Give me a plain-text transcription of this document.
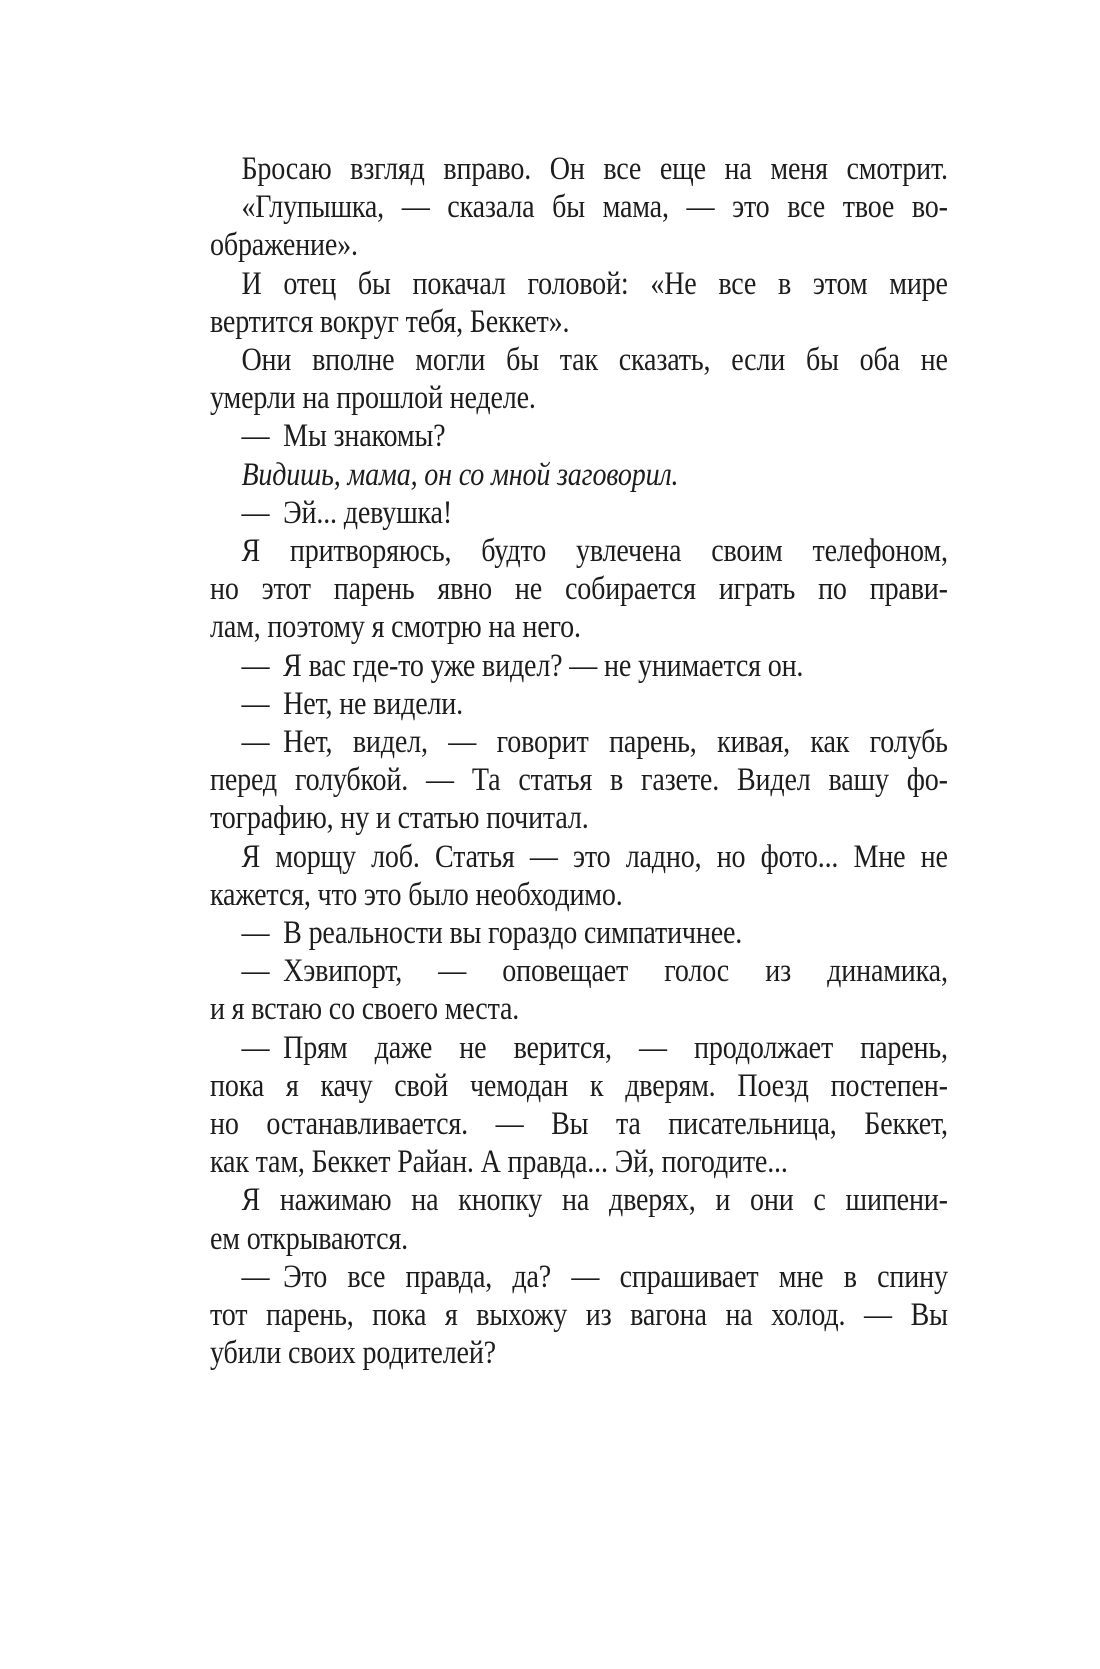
Бросаю взгляд вправо. Он все еще на меня смотрит.
«Глупышка, — сказала бы мама, — это все твое во-
ображение».
И отец бы покачал головой: «Не все в этом мире
вертится вокруг тебя, Беккет».
Они вполне могли бы так сказать, если бы оба не
умерли на прошлой неделе.
— Мы знакомы?
Видишь, мама, он со мной заговорил.
— Эй... девушка!
Я притворяюсь, будто увлечена своим телефоном,
но этот парень явно не собирается играть по прави-
лам, поэтому я смотрю на него.
— Я вас где-то уже видел? — не унимается он.
— Нет, не видели.
— Нет, видел, — говорит парень, кивая, как голубь
перед голубкой. — Та статья в газете. Видел вашу фо-
тографию, ну и статью почитал.
Я морщу лоб. Статья — это ладно, но фото... Мне не
кажется, что это было необходимо.
— В реальности вы гораздо симпатичнее.
— Хэвипорт, — оповещает голос из динамика,
и я встаю со своего места.
— Прям даже не верится, — продолжает парень,
пока я качу свой чемодан к дверям. Поезд постепен-
но останавливается. — Вы та писательница, Беккет,
как там, Беккет Райан. А правда... Эй, погодите...
Я нажимаю на кнопку на дверях, и они с шипени-
ем открываются.
— Это все правда, да? — спрашивает мне в спину
тот парень, пока я выхожу из вагона на холод. — Вы
убили своих родителей?
